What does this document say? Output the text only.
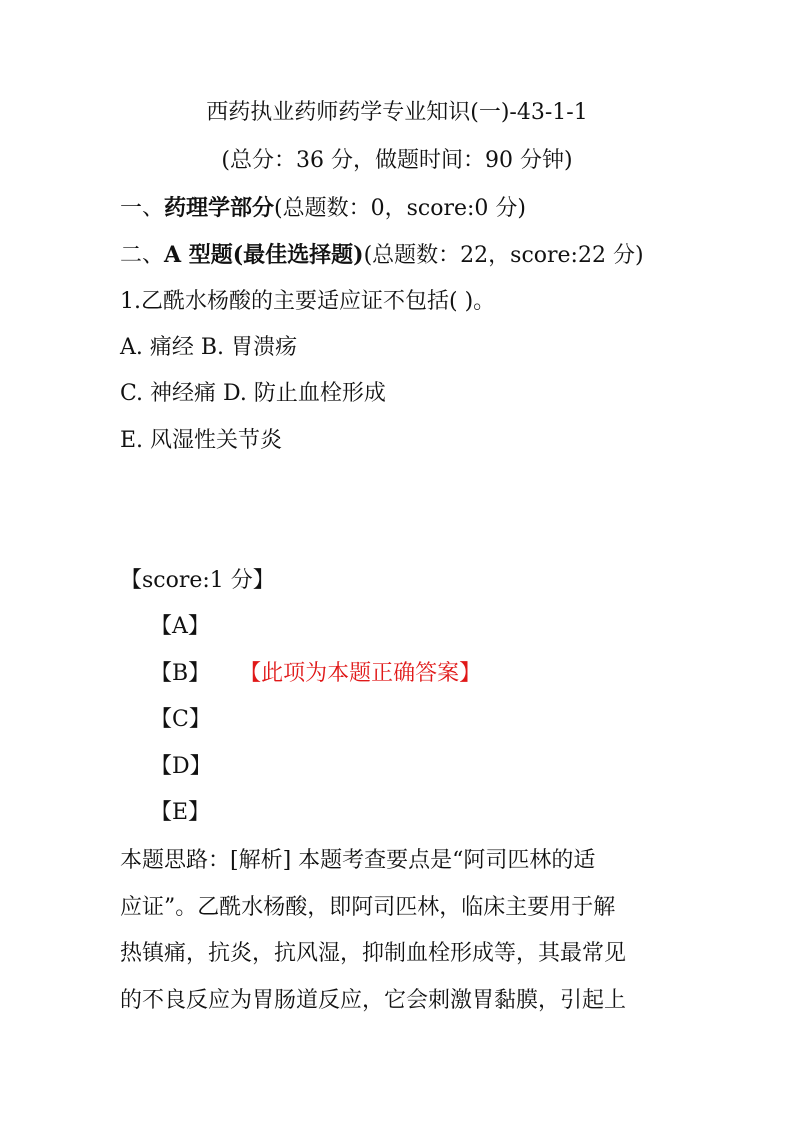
西药执业药师药学专业知识(一)-43-1-1
(总分：36 分，做题时间：90 分钟)
一、药理学部分(总题数：0，score:0 分)
二、A 型题(最佳选择题)(总题数：22，score:22 分)
1.乙酰水杨酸的主要适应证不包括( )。
A. 痛经 B. 胃溃疡
C. 神经痛 D. 防止血栓形成
E. 风湿性关节炎
【score:1 分】
【A】
【B】 【此项为本题正确答案】
【C】
【D】
【E】
本题思路：[解析] 本题考查要点是“阿司匹林的适
应证”。乙酰水杨酸，即阿司匹林，临床主要用于解
热镇痛，抗炎，抗风湿，抑制血栓形成等，其最常见
的不良反应为胃肠道反应，它会刺激胃黏膜，引起上
